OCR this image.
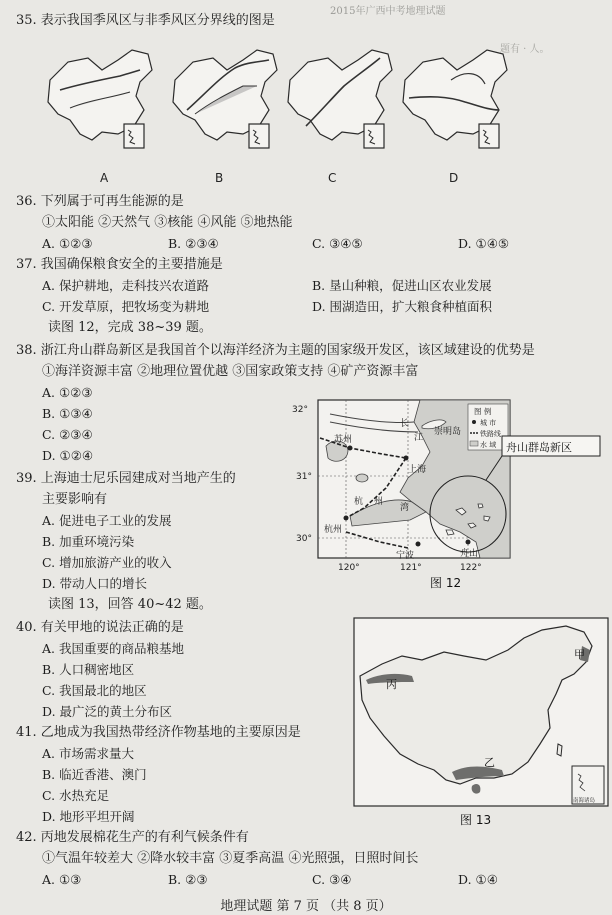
2015年广西中考地理试题
题有 · 人。
35. 表示我国季风区与非季风区分界线的图是
A	B	C	D
36. 下列属于可再生能源的是
①太阳能 ②天然气 ③核能 ④风能 ⑤地热能
A. ①②③	B. ②③④	C. ③④⑤	D. ①④⑤
37. 我国确保粮食安全的主要措施是
A. 保护耕地，走科技兴农道路	B. 垦山种粮，促进山区农业发展
C. 开发草原，把牧场变为耕地	D. 围湖造田，扩大粮食种植面积
读图 12，完成 38~39 题。
38. 浙江舟山群岛新区是我国首个以海洋经济为主题的国家级开发区，该区域建设的优势是
①海洋资源丰富 ②地理位置优越 ③国家政策支持 ④矿产资源丰富
A. ①②③
B. ①③④
C. ②③④
D. ①②④
39. 上海迪士尼乐园建成对当地产生的
主要影响有
A. 促进电子工业的发展
B. 加重环境污染
C. 增加旅游产业的收入
D. 带动人口的增长
读图 13，回答 40~42 题。
图 例
城 市
铁路线
水 域 舟山群岛新区
苏州
长
江
崇明岛
上海
杭 州
湾
杭州
宁波	舟山
32°
31°
30°
120°	121°	122°
图 12
40. 有关甲地的说法正确的是
A. 我国重要的商品粮基地
B. 人口稠密地区
C. 我国最北的地区
D. 最广泛的黄土分布区
41. 乙地成为我国热带经济作物基地的主要原因是
A. 市场需求量大
B. 临近香港、澳门
C. 水热充足
D. 地形平坦开阔
南海诸岛
甲
丙
乙
图 13
42. 丙地发展棉花生产的有利气候条件有
①气温年较差大 ②降水较丰富 ③夏季高温 ④光照强，日照时间长
A. ①③	B. ②③	C. ③④	D. ①④
地理试题 第 7 页 （共 8 页）
